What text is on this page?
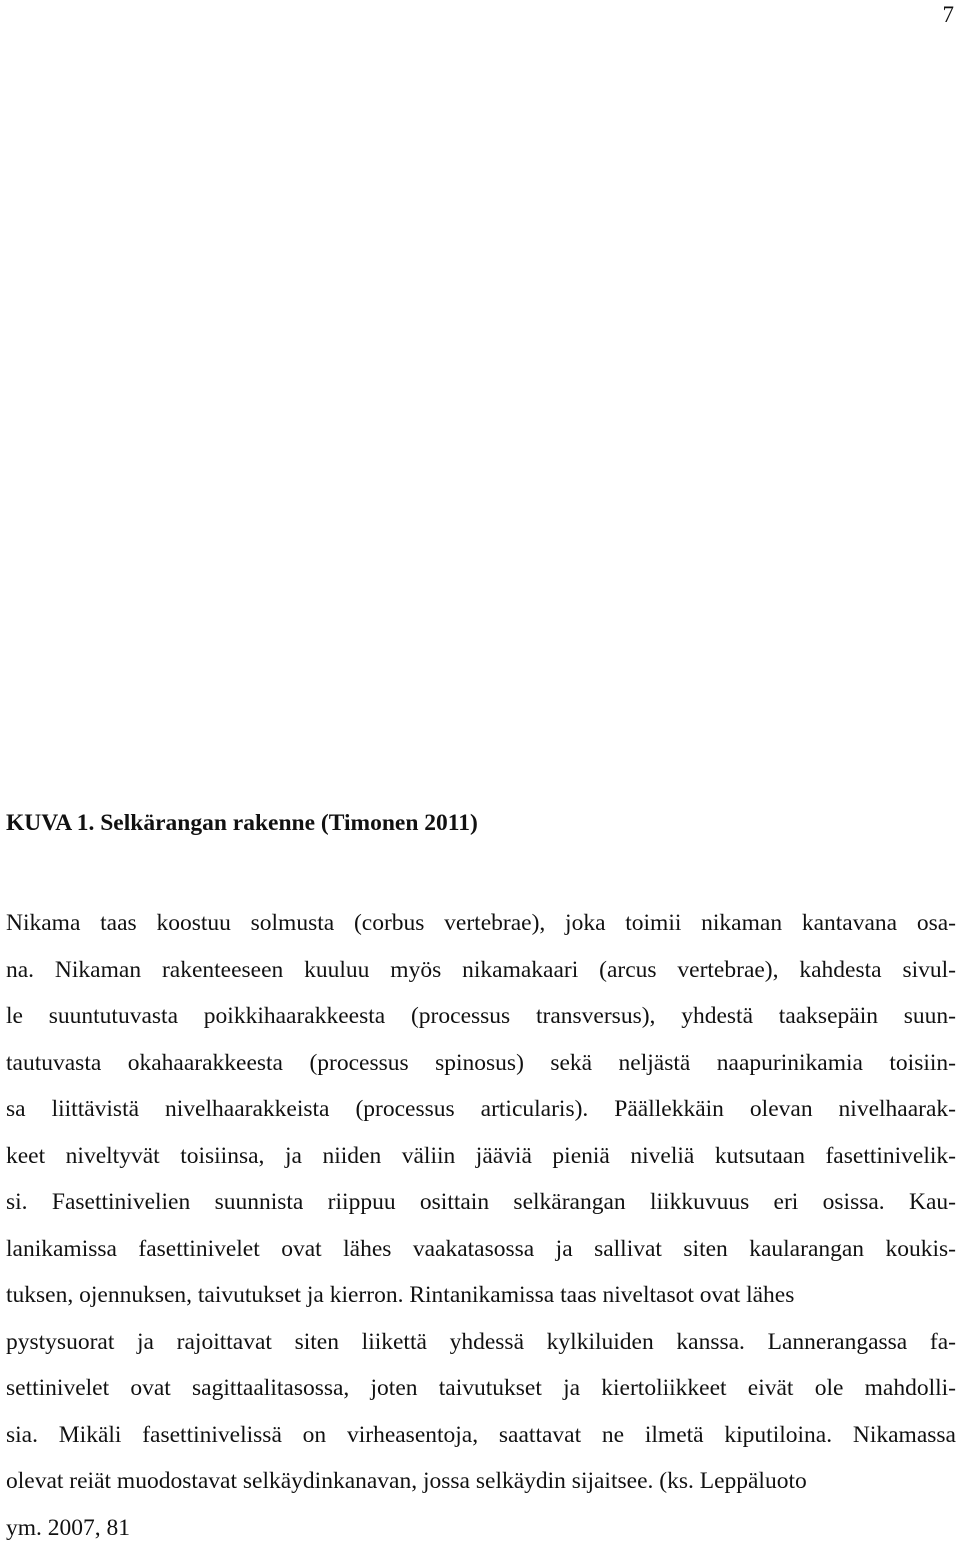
7
KUVA 1. Selkärangan rakenne (Timonen 2011)
Nikama taas koostuu solmusta (corbus vertebrae), joka toimii nikaman kantavana osa-
na. Nikaman rakenteeseen kuuluu myös nikamakaari (arcus vertebrae), kahdesta sivul-
le suuntutuvasta poikkihaarakkeesta (processus transversus), yhdestä taaksepäin suun-
tautuvasta okahaarakkeesta (processus spinosus) sekä neljästä naapurinikamia toisiin-
sa liittävistä nivelhaarakkeista (processus articularis). Päällekkäin olevan nivelhaarak-
keet niveltyvät toisiinsa, ja niiden väliin jääviä pieniä niveliä kutsutaan fasettinivelik-
si. Fasettinivelien suunnista riippuu osittain selkärangan liikkuvuus eri osissa. Kau-
lanikamissa fasettinivelet ovat lähes vaakatasossa ja sallivat siten kaularangan koukis-
tuksen, ojennuksen, taivutukset ja kierron. Rintanikamissa taas niveltasot ovat lähes
pystysuorat ja rajoittavat siten liikettä yhdessä kylkiluiden kanssa. Lannerangassa fa-
settinivelet ovat sagittaalitasossa, joten taivutukset ja kiertoliikkeet eivät ole mahdolli-
sia. Mikäli fasettinivelissä on virheasentoja, saattavat ne ilmetä kiputiloina. Nikamassa
olevat reiät muodostavat selkäydinkanavan, jossa selkäydin sijaitsee. (ks. Leppäluoto
ym. 2007, 81
